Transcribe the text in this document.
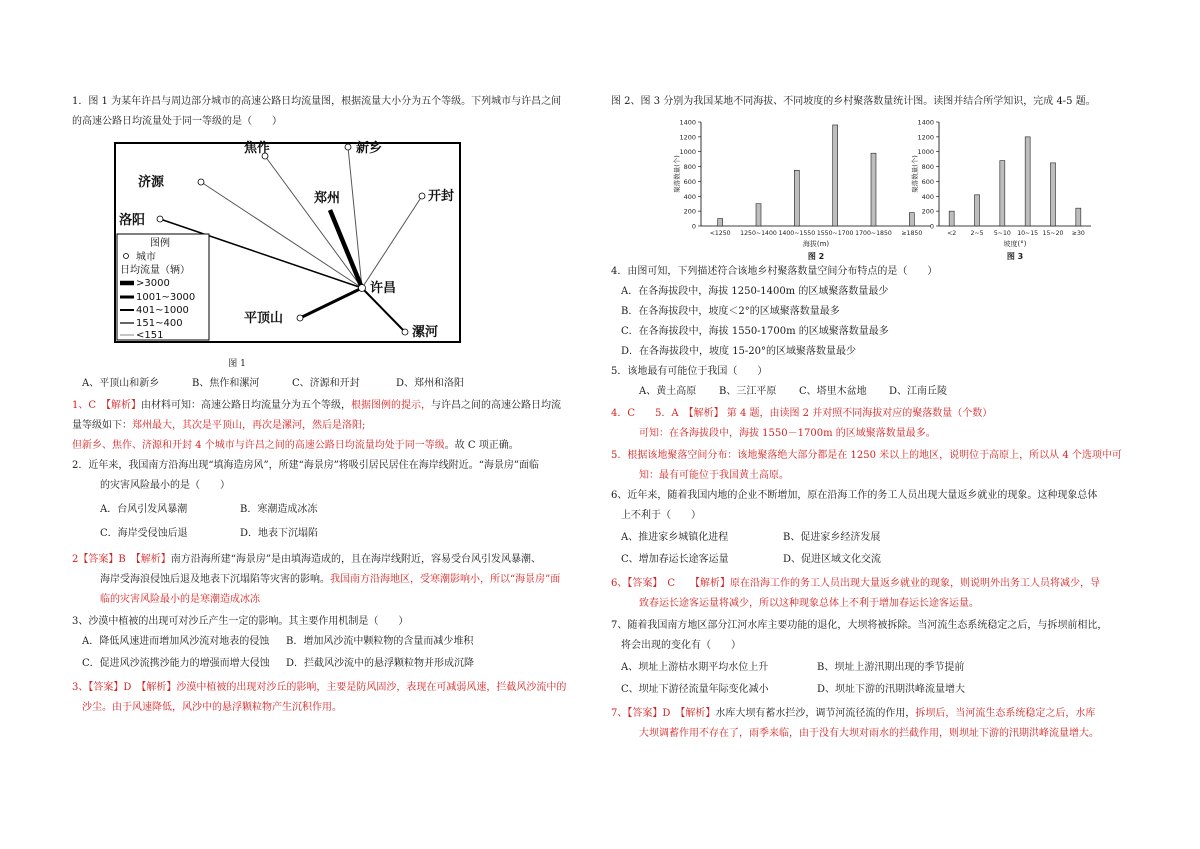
1．图 1 为某年许昌与周边部分城市的高速公路日均流量图，根据流量大小分为五个等级。下列城市与许昌之间

的高速公路日均流量处于同一等级的是（　　）

焦作	新乡
济源
郑州	开封
洛阳
许昌
平顶山
漯河
图例
城市
日均流量（辆）
>3000
1001~3000
401~1000
151~400
<151
图 1
A、平顶山和新乡	B、焦作和漯河	C、济源和开封	D、郑州和洛阳

1、C　【解析】由材料可知：高速公路日均流量分为五个等级，根据图例的提示，与许昌之间的高速公路日均流

量等级如下：郑州最大，其次是平顶山，再次是漯河，然后是洛阳;

但新乡、焦作、济源和开封 4 个城市与许昌之间的高速公路日均流量均处于同一等级。故 C 项正确。

2．近年来，我国南方沿海出现“填海造房风”，所建“海景房”将吸引居民居住在海岸线附近。“海景房”面临

的灾害风险最小的是（　　）

A．台风引发风暴潮	B．寒潮造成冰冻
C．海岸受侵蚀后退	D．地表下沉塌陷

2【答案】B　【解析】南方沿海所建“海景房”是由填海造成的，且在海岸线附近，容易受台风引发风暴潮、

海岸受海浪侵蚀后退及地表下沉塌陷等灾害的影响。我国南方沿海地区，受寒潮影响小，所以“海景房”面

临的灾害风险最小的是寒潮造成冰冻

3、沙漠中植被的出现可对沙丘产生一定的影响。其主要作用机制是（　　）

A．降低风速进而增加风沙流对地表的侵蚀	B．增加风沙流中颗粒物的含量而减少堆积
C．促进风沙流携沙能力的增强而增大侵蚀	D．拦截风沙流中的悬浮颗粒物并形成沉降

3、【答案】D　【解析】沙漠中植被的出现对沙丘的影响，主要是防风固沙，表现在可减弱风速，拦截风沙流中的

沙尘。由于风速降低，风沙中的悬浮颗粒物产生沉积作用。

图 2、图 3 分别为我国某地不同海拔、不同坡度的乡村聚落数量统计图。读图并结合所学知识，完成 4-5 题。

0
200
400
600
800
1000
1200
1400
<1250 1250~1400 1400~1550 1550~1700 1700~1850 ≥1850
海拔(m)
聚落数量(个)
图 2
0
200
400
600
800
1000
1200
1400
<2 2~5 5~10 10~15 15~20 ≥30
坡度(°)
聚落数量(个)
图 3

4．由图可知，下列描述符合该地乡村聚落数量空间分布特点的是（　　）

A．在各海拔段中，海拔 1250-1400m 的区域聚落数量最少

B．在各海拔段中，坡度＜2°的区域聚落数量最多

C．在各海拔段中，海拔 1550-1700m 的区域聚落数量最多

D．在各海拔段中，坡度 15-20°的区域聚落数量最少

5．该地最有可能位于我国（　　）

A、黄土高原	B、三江平原	C、塔里木盆地	D、江南丘陵

4．C　　5．A　【解析】 第 4 题，由读图 2 并对照不同海拔对应的聚落数量（个数）

可知：在各海拔段中，海拔 1550－1700m 的区域聚落数量最多。

5．根据该地聚落空间分布：该地聚落绝大部分都是在 1250 米以上的地区，说明位于高原上，所以从 4 个选项中可

知：最有可能位于我国黄土高原。

6、近年来，随着我国内地的企业不断增加，原在沿海工作的务工人员出现大量返乡就业的现象。这种现象总体

上不利于（　　）

A、推进家乡城镇化进程	B、促进家乡经济发展
C、增加春运长途客运量	D、促进区域文化交流

6、【答案】　C　　【解析】原在沿海工作的务工人员出现大量返乡就业的现象，则说明外出务工人员将减少，导

致春运长途客运量将减少，所以这种现象总体上不利于增加春运长途客运量。

7、随着我国南方地区部分江河水库主要功能的退化，大坝将被拆除。当河流生态系统稳定之后，与拆坝前相比，

将会出现的变化有（　　）

A、坝址上游枯水期平均水位上升	B、坝址上游汛期出现的季节提前
C、坝址下游径流量年际变化减小	D、坝址下游的汛期洪峰流量增大

7、【答案】D　【解析】水库大坝有蓄水拦沙，调节河流径流的作用，拆坝后，当河流生态系统稳定之后，水库

大坝调蓄作用不存在了，雨季来临，由于没有大坝对雨水的拦截作用，则坝址下游的汛期洪峰流量增大。
